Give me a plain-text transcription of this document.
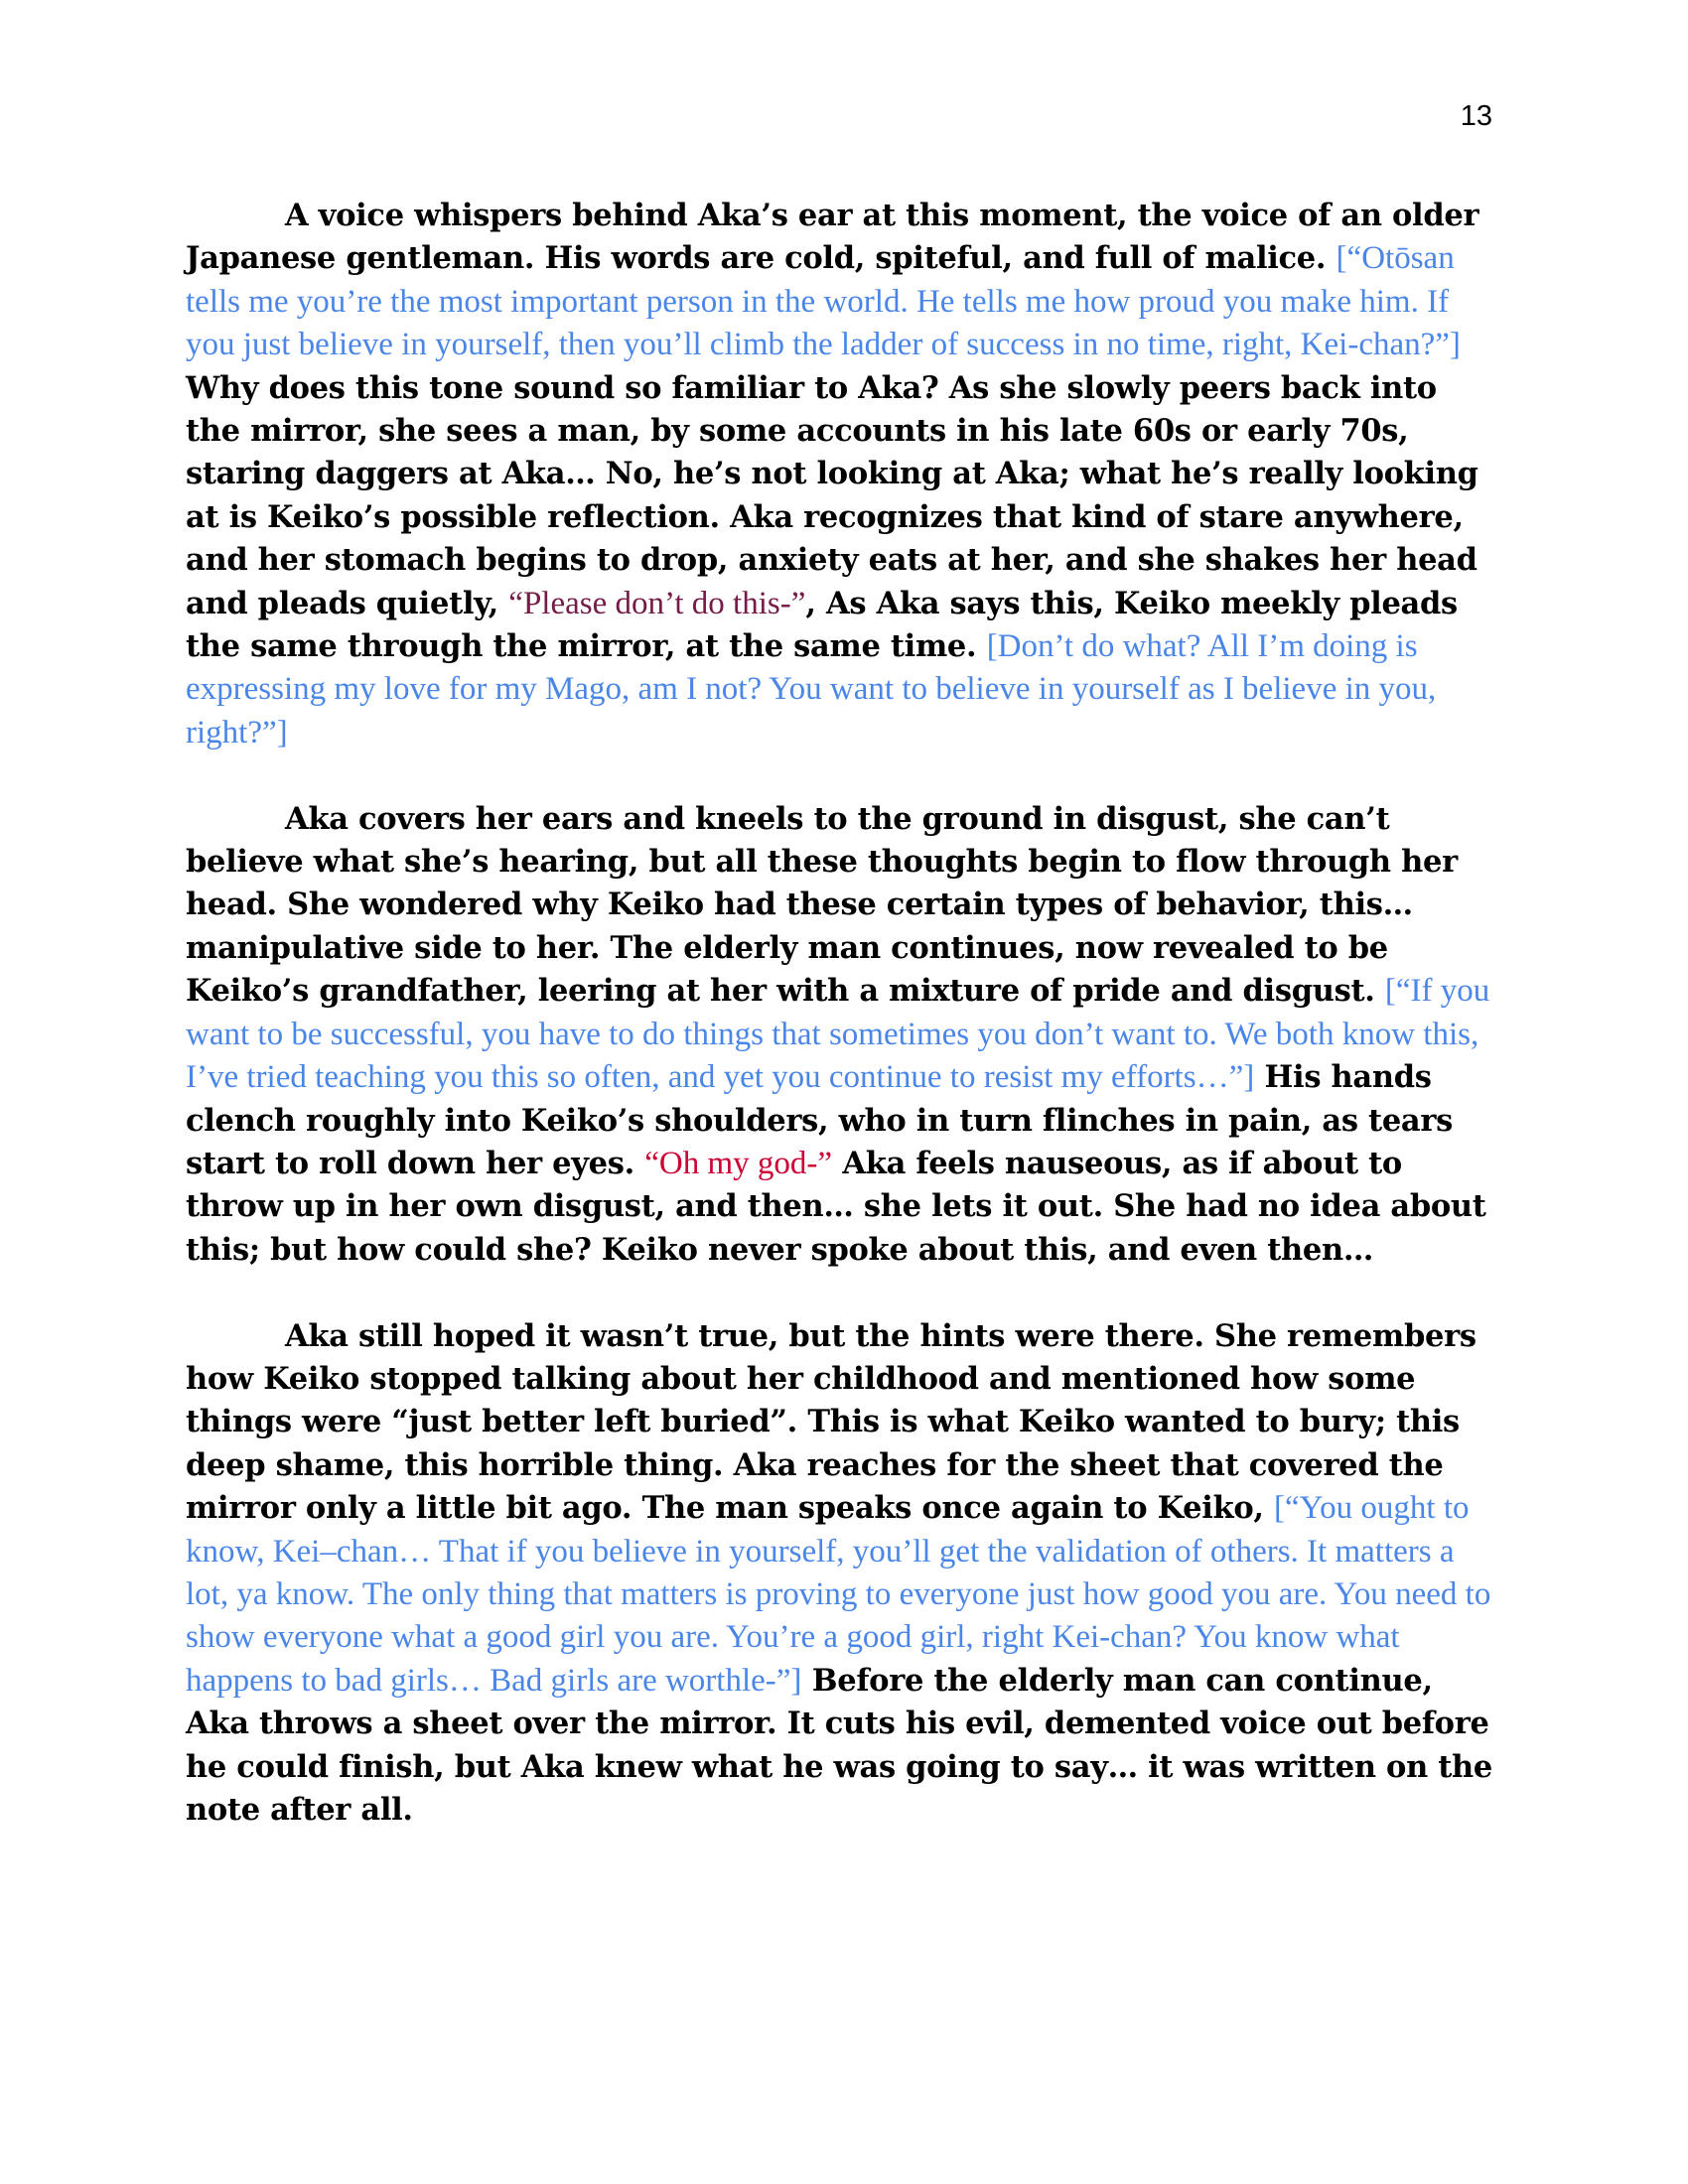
13

A voice whispers behind Aka’s ear at this moment, the voice of an older Japanese gentleman. His words are cold, spiteful, and full of malice. [“Otōsan tells me you’re the most important person in the world. He tells me how proud you make him. If you just believe in yourself, then you’ll climb the ladder of success in no time, right, Kei-chan?”] Why does this tone sound so familiar to Aka? As she slowly peers back into the mirror, she sees a man, by some accounts in his late 60s or early 70s, staring daggers at Aka… No, he’s not looking at Aka; what he’s really looking at is Keiko’s possible reflection. Aka recognizes that kind of stare anywhere, and her stomach begins to drop, anxiety eats at her, and she shakes her head and pleads quietly, “Please don’t do this-”, As Aka says this, Keiko meekly pleads the same through the mirror, at the same time. [Don’t do what? All I’m doing is expressing my love for my Mago, am I not? You want to believe in yourself as I believe in you, right?”]

Aka covers her ears and kneels to the ground in disgust, she can’t believe what she’s hearing, but all these thoughts begin to flow through her head. She wondered why Keiko had these certain types of behavior, this… manipulative side to her. The elderly man continues, now revealed to be Keiko’s grandfather, leering at her with a mixture of pride and disgust. [“If you want to be successful, you have to do things that sometimes you don’t want to. We both know this, I’ve tried teaching you this so often, and yet you continue to resist my efforts…”] His hands clench roughly into Keiko’s shoulders, who in turn flinches in pain, as tears start to roll down her eyes. “Oh my god-” Aka feels nauseous, as if about to throw up in her own disgust, and then… she lets it out. She had no idea about this; but how could she? Keiko never spoke about this, and even then…

Aka still hoped it wasn’t true, but the hints were there. She remembers how Keiko stopped talking about her childhood and mentioned how some things were “just better left buried”. This is what Keiko wanted to bury; this deep shame, this horrible thing. Aka reaches for the sheet that covered the mirror only a little bit ago. The man speaks once again to Keiko, [“You ought to know, Kei–chan… That if you believe in yourself, you’ll get the validation of others. It matters a lot, ya know. The only thing that matters is proving to everyone just how good you are. You need to show everyone what a good girl you are. You’re a good girl, right Kei-chan? You know what happens to bad girls… Bad girls are worthle-”] Before the elderly man can continue, Aka throws a sheet over the mirror. It cuts his evil, demented voice out before he could finish, but Aka knew what he was going to say… it was written on the note after all.
